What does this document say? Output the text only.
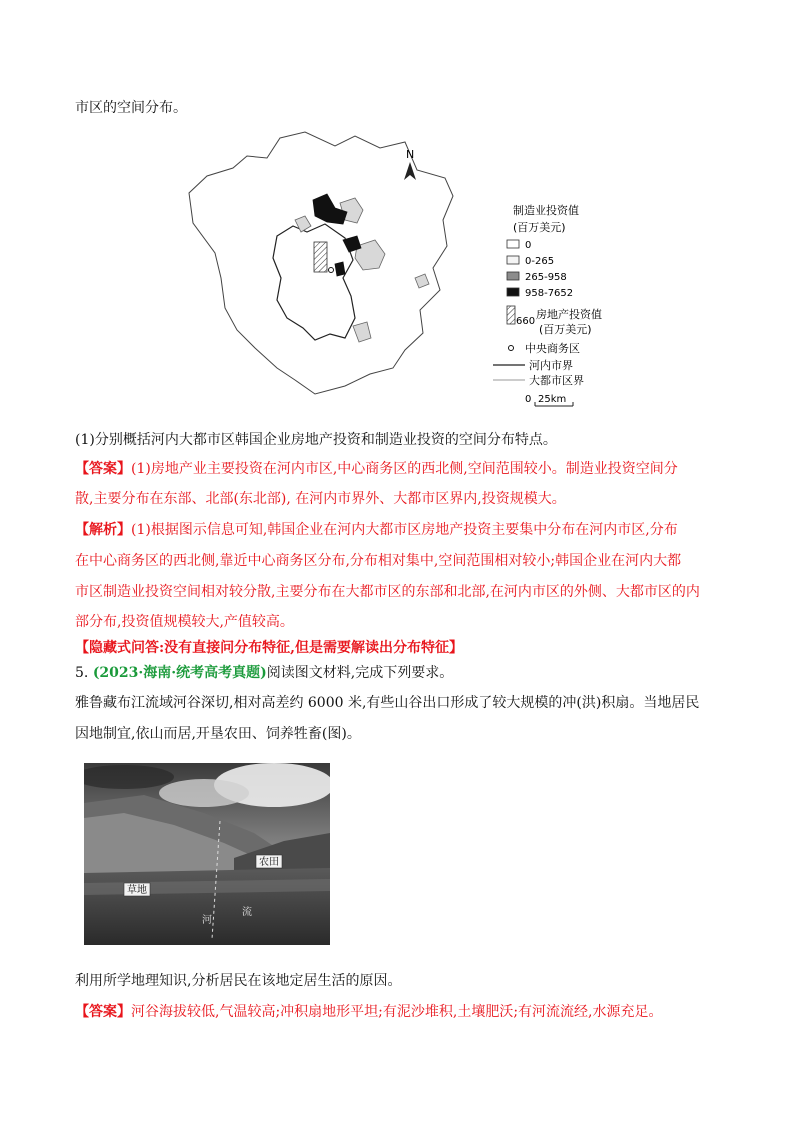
市区的空间分布。
N
制造业投资值
(百万美元)
0
0-265
265-958
958-7652
660
房地产投资值
(百万美元)
中央商务区
河内市界
大都市区界
0 25km
(1)分别概括河内大都市区韩国企业房地产投资和制造业投资的空间分布特点。
【答案】(1)房地产业主要投资在河内市区,中心商务区的西北侧,空间范围较小。制造业投资空间分
散,主要分布在东部、北部(东北部), 在河内市界外、大都市区界内,投资规模大。
【解析】(1)根据图示信息可知,韩国企业在河内大都市区房地产投资主要集中分布在河内市区,分布
在中心商务区的西北侧,靠近中心商务区分布,分布相对集中,空间范围相对较小;韩国企业在河内大都
市区制造业投资空间相对较分散,主要分布在大都市区的东部和北部,在河内市区的外侧、大都市区的内
部分布,投资值规模较大,产值较高。
【隐藏式问答:没有直接问分布特征,但是需要解读出分布特征】
5. (2023·海南·统考高考真题)阅读图文材料,完成下列要求。
雅鲁藏布江流域河谷深切,相对高差约 6000 米,有些山谷出口形成了较大规模的冲(洪)积扇。当地居民
因地制宜,依山而居,开垦农田、饲养牲畜(图)。
农田
草地
河
流
利用所学地理知识,分析居民在该地定居生活的原因。
【答案】河谷海拔较低,气温较高;冲积扇地形平坦;有泥沙堆积,土壤肥沃;有河流流经,水源充足。
